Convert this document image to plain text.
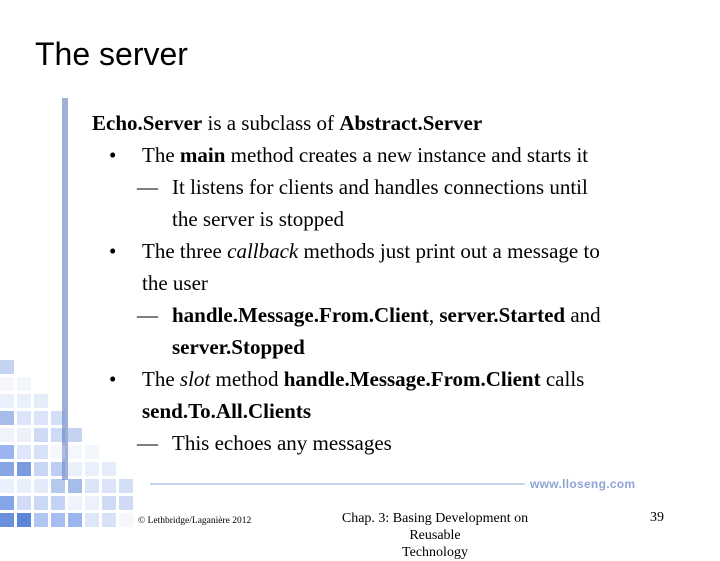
The server
www.lloseng.com
Echo.Server is a subclass of Abstract.Server
• The main method creates a new instance and starts it
— It listens for clients and handles connections until
the server is stopped
• The three callback methods just print out a message to
the user
— handle.Message.From.Client, server.Started and
server.Stopped
• The slot method handle.Message.From.Client calls
send.To.All.Clients
— This echoes any messages
© Lethbridge/Laganière 2012	Chap. 3: Basing Development on Reusable
Technology
39
